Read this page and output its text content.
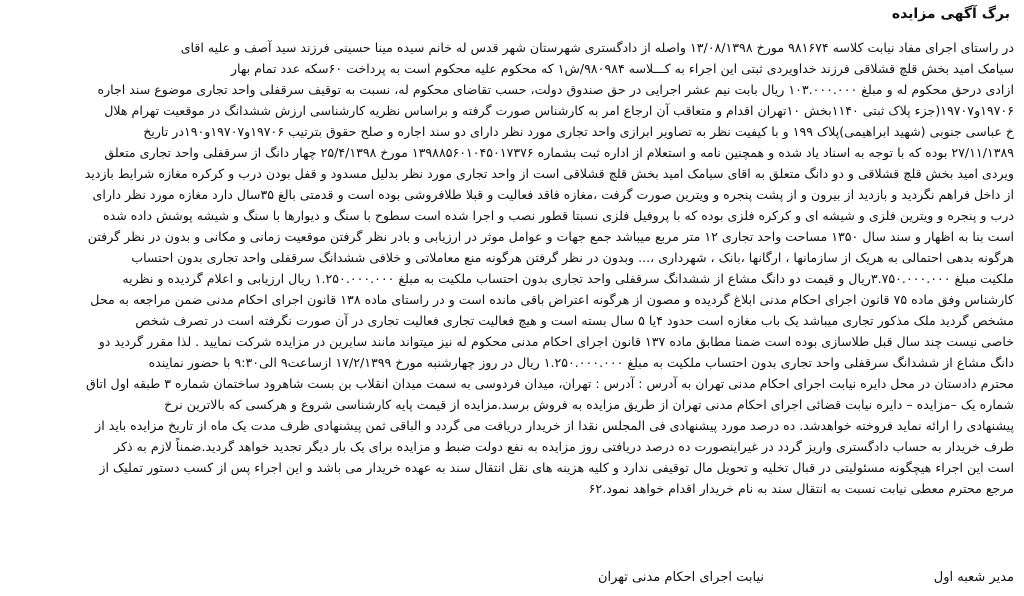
برگ آگهی مزایده
در راستای اجرای مفاد نیابت کلاسه ۹۸۱۶۷۴ مورخ ۱۳/۰۸/۱۳۹۸ واصله از دادگستری شهرستان شهر قدس له خانم سیده مینا حسینی فرزند سید آصف و علیه اقای
سیامک امید بخش قلچ قشلاقی فرزند خداویردی ثبتی این اجراء به کـــلاسه ۹۸۰۹۸۴/ش۱ که محکوم علیه محکوم است به پرداخت ۶۰سکه عدد تمام بهار
ازادی درحق محکوم له و مبلغ ۱۰۳.۰۰۰.۰۰۰ ریال بابت نیم عشر اجرایی در حق صندوق دولت، حسب تقاضای محکوم له، نسبت به توقیف سرقفلی واحد تجاری موضوع سند اجاره
۱۹۷۰۶و۱۹۷۰۷(جزء پلاک ثبتی ۱۱۴۰بخش ۱۰تهران اقدام و متعاقب آن ارجاع امر به کارشناس صورت گرفته و براساس نظریه کارشناسی ارزش ششدانگ در موقعیت تهرام هلال
خ عباسی جنوبی (شهید ابراهیمی)پلاک ۱۹۹ و با کیفیت نظر به تصاویر ابرازی واحد تجاری مورد نظر دارای دو سند اجاره و صلح حقوق بترتیب ۱۹۷۰۶و۱۹۷۰۷و۱۹۰در تاریخ
۲۷/۱۱/۱۳۸۹ بوده که با توجه به اسناد یاد شده و همچنین نامه و استعلام از اداره ثبت بشماره ۱۳۹۸۸۵۶۰۱۰۴۵۰۱۷۳۷۶ مورخ ۲۵/۴/۱۳۹۸ چهار دانگ از سرقفلی واحد تجاری متعلق
ویردی امید بخش قلچ قشلاقی و دو دانگ متعلق به اقای سیامک امید بخش قلچ قشلاقی است از واحد تجاری مورد نظر بدلیل مسدود و قفل بودن درب و کرکره مغازه شرایط بازدید
از داخل فراهم نگردید و بازدید از بیرون و از پشت پنجره و ویترین صورت گرفت ،مغازه فاقد فعالیت و قبلا طلافروشی بوده است و قدمتی بالغ ۳۵سال دارد مغازه مورد نظر دارای
درب و پنجره و ویترین فلزی و شیشه ای و کرکره فلزی بوده که با پروفیل فلزی نسبتا قطور نصب و اجرا شده است سطوح با سنگ و دیوارها با سنگ و شیشه پوشش داده شده
است بنا به اظهار و سند سال ۱۳۵۰ مساحت واحد تجاری ۱۲ متر مربع میباشد جمع جهات و عوامل موثر در ارزیابی و بادر نظر گرفتن موقعیت زمانی و مکانی و بدون در نظر گرفتن
هرگونه بدهی احتمالی به هریک از سازمانها ، ارگانها ،بانک ، شهرداری ،... وبدون در نظر گرفتن هرگونه منع معاملاتی و خلافی ششدانگ سرقفلی واحد تجاری بدون احتساب
ملکیت مبلغ ۳.۷۵۰.۰۰۰.۰۰۰ریال و قیمت دو دانگ مشاع از ششدانگ سرقفلی واحد تجاری بدون احتساب ملکیت به مبلغ ۱.۲۵۰.۰۰۰.۰۰۰ ریال ارزیابی و اعلام گردیده و نظریه
کارشناس وفق ماده ۷۵ قانون اجرای احکام مدنی ابلاغ گردیده و مصون از هرگونه اعتراض باقی مانده است و در راستای ماده ۱۳۸ قانون اجرای احکام مدنی ضمن مراجعه به محل
مشخص گردید ملک مذکور تجاری میباشد یک باب مغازه است حدود ۴یا ۵ سال بسته است و هیچ فعالیت تجاری فعالیت تجاری در آن صورت نگرفته است در تصرف شخص
خاصی نیست چند سال قبل طلاسازی بوده است ضمنا مطابق ماده ۱۳۷ قانون اجرای احکام مدنی محکوم له نیز میتواند مانند سایرین در مزایده شرکت نمایید . لذا مقرر گردید دو
دانگ مشاع از ششدانگ سرقفلی واحد تجاری بدون احتساب ملکیت به مبلغ ۱.۲۵۰.۰۰۰.۰۰۰ ریال در روز چهارشنبه مورخ ۱۷/۲/۱۳۹۹ ازساعت۹ الی۹:۳۰ با حضور نماینده
محترم دادستان در محل دایره نیابت اجرای احکام مدنی تهران به آدرس : آدرس : تهران، میدان فردوسی به سمت میدان انقلاب بن بست شاهرود ساختمان شماره ۳ طبقه اول اتاق
شماره یک –مزایده – دایره نیابت قضائی اجرای احکام مدنی تهران از طریق مزایده به فروش برسد.مزایده از قیمت پایه کارشناسی شروع و هرکسی که بالاترین نرخ
پیشنهادی را ارائه نماید فروخته خواهدشد. ده درصد مورد پیشنهادی فی المجلس نقدا از خریدار دریافت می گردد و الباقی ثمن پیشنهادی ظرف مدت یک ماه از تاریخ مزایده باید از
طرف خریدار به حساب دادگستری واریز گردد در غیراینصورت ده درصد دریافتی روز مزایده به نفع دولت ضبط و مزایده برای یک بار دیگر تجدید خواهد گردید.ضمناً لازم به ذکر
است این اجراء هیچگونه مسئولیتی در قبال تخلیه و تحویل مال توقیفی ندارد و کلیه هزینه های نقل انتقال سند به عهده خریدار می باشد و این اجراء پس از کسب دستور تملیک از
مرجع محترم معطی نیابت نسبت به انتقال سند به نام خریدار اقدام خواهد نمود.۶۲
مدیر شعبه اول
نیابت اجرای احکام مدنی تهران
